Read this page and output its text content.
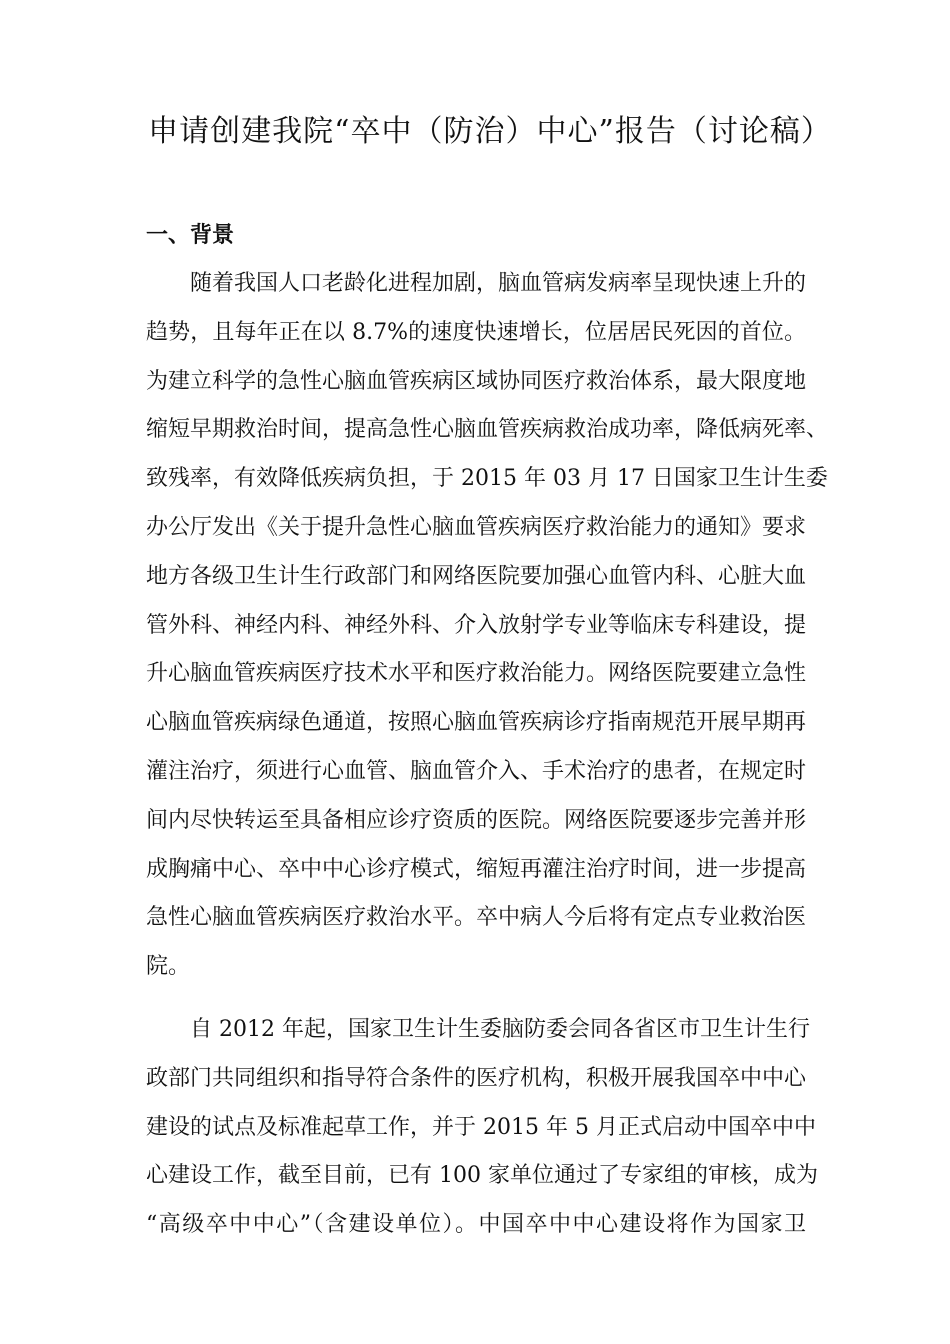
申请创建我院“卒中（防治）中心”报告（讨论稿）
一、背景
随着我国人口老龄化进程加剧，脑血管病发病率呈现快速上升的
趋势，且每年正在以 8.7%的速度快速增长，位居居民死因的首位。
为建立科学的急性心脑血管疾病区域协同医疗救治体系，最大限度地
缩短早期救治时间，提高急性心脑血管疾病救治成功率，降低病死率、
致残率，有效降低疾病负担，于 2015 年 03 月 17 日国家卫生计生委
办公厅发出《关于提升急性心脑血管疾病医疗救治能力的通知》要求
地方各级卫生计生行政部门和网络医院要加强心血管内科、心脏大血
管外科、神经内科、神经外科、介入放射学专业等临床专科建设，提
升心脑血管疾病医疗技术水平和医疗救治能力。网络医院要建立急性
心脑血管疾病绿色通道，按照心脑血管疾病诊疗指南规范开展早期再
灌注治疗，须进行心血管、脑血管介入、手术治疗的患者，在规定时
间内尽快转运至具备相应诊疗资质的医院。网络医院要逐步完善并形
成胸痛中心、卒中中心诊疗模式，缩短再灌注治疗时间，进一步提高
急性心脑血管疾病医疗救治水平。卒中病人今后将有定点专业救治医
院。
自 2012 年起，国家卫生计生委脑防委会同各省区市卫生计生行
政部门共同组织和指导符合条件的医疗机构，积极开展我国卒中中心
建设的试点及标准起草工作，并于 2015 年 5 月正式启动中国卒中中
心建设工作，截至目前，已有 100 家单位通过了专家组的审核，成为
“高级卒中中心”（含建设单位）。中国卒中中心建设将作为国家卫
